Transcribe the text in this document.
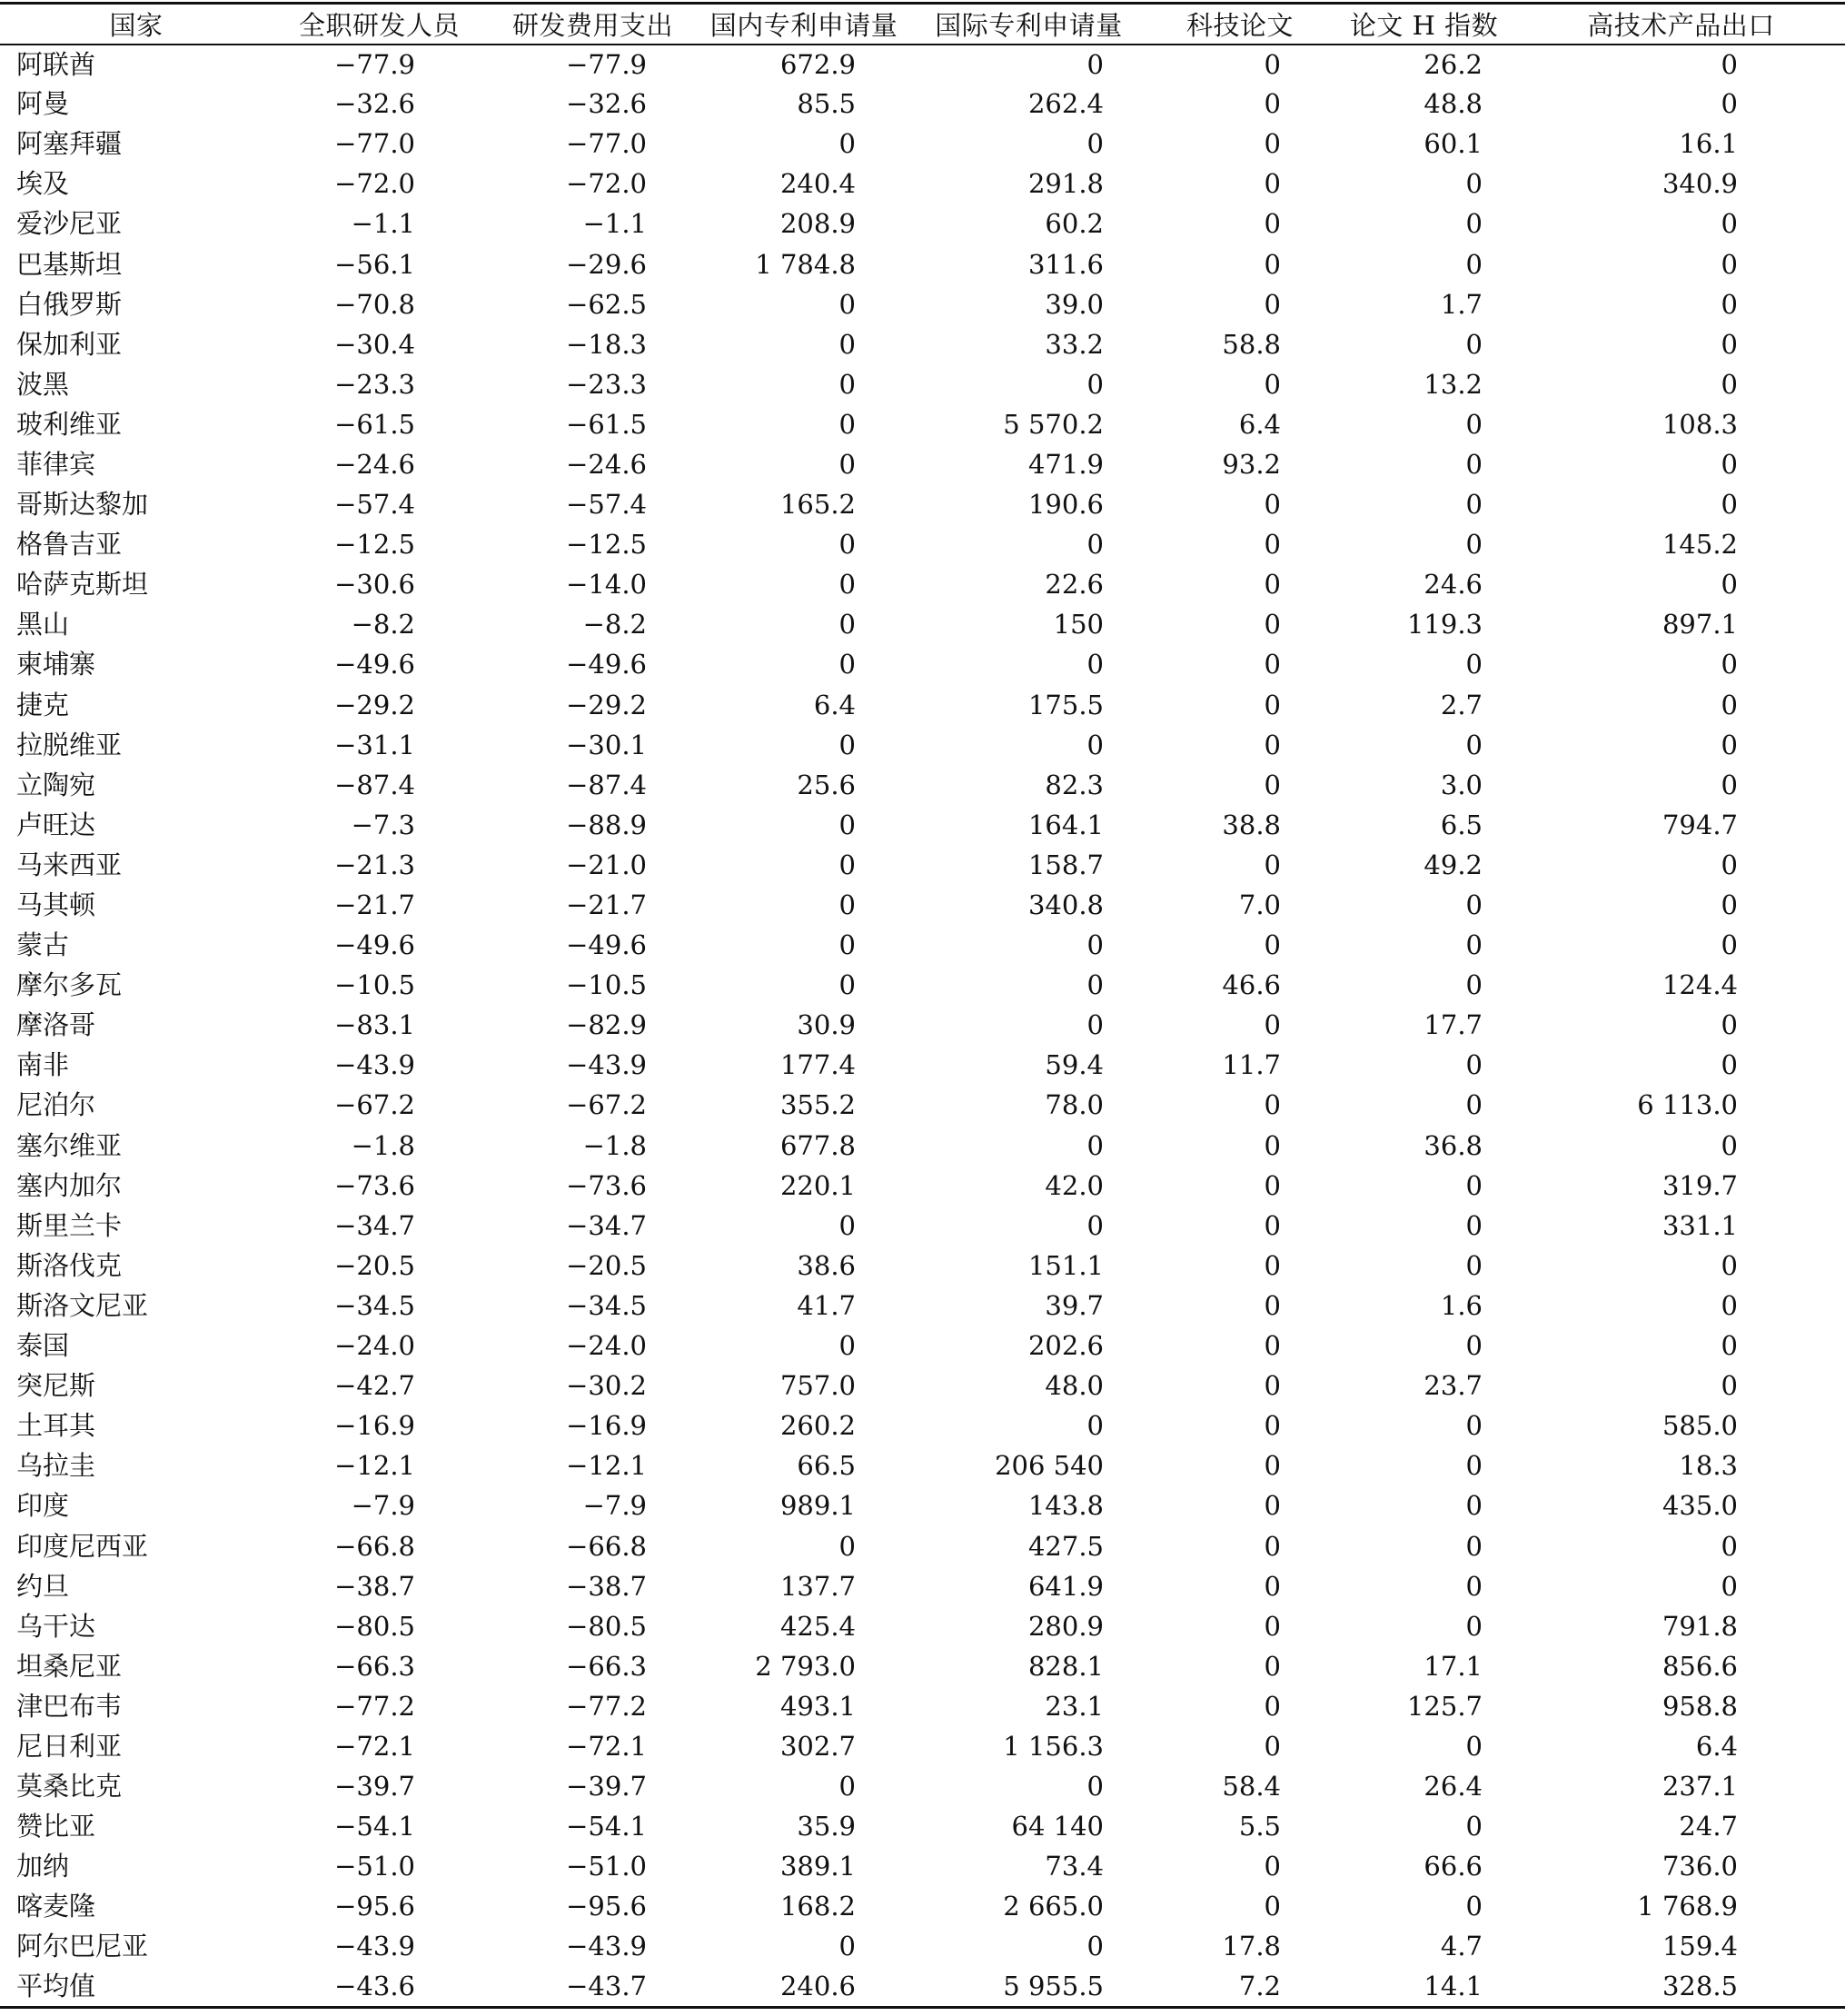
国家	全职研发人员	研发费用支出	国内专利申请量	国际专利申请量	科技论文	论文 H 指数	高技术产品出口
阿联酋	−77.9	−77.9	672.9	0	0	26.2	0
阿曼	−32.6	−32.6	85.5	262.4	0	48.8	0
阿塞拜疆	−77.0	−77.0	0	0	0	60.1	16.1
埃及	−72.0	−72.0	240.4	291.8	0	0	340.9
爱沙尼亚	−1.1	−1.1	208.9	60.2	0	0	0
巴基斯坦	−56.1	−29.6	1 784.8	311.6	0	0	0
白俄罗斯	−70.8	−62.5	0	39.0	0	1.7	0
保加利亚	−30.4	−18.3	0	33.2	58.8	0	0
波黑	−23.3	−23.3	0	0	0	13.2	0
玻利维亚	−61.5	−61.5	0	5 570.2	6.4	0	108.3
菲律宾	−24.6	−24.6	0	471.9	93.2	0	0
哥斯达黎加	−57.4	−57.4	165.2	190.6	0	0	0
格鲁吉亚	−12.5	−12.5	0	0	0	0	145.2
哈萨克斯坦	−30.6	−14.0	0	22.6	0	24.6	0
黑山	−8.2	−8.2	0	150	0	119.3	897.1
柬埔寨	−49.6	−49.6	0	0	0	0	0
捷克	−29.2	−29.2	6.4	175.5	0	2.7	0
拉脱维亚	−31.1	−30.1	0	0	0	0	0
立陶宛	−87.4	−87.4	25.6	82.3	0	3.0	0
卢旺达	−7.3	−88.9	0	164.1	38.8	6.5	794.7
马来西亚	−21.3	−21.0	0	158.7	0	49.2	0
马其顿	−21.7	−21.7	0	340.8	7.0	0	0
蒙古	−49.6	−49.6	0	0	0	0	0
摩尔多瓦	−10.5	−10.5	0	0	46.6	0	124.4
摩洛哥	−83.1	−82.9	30.9	0	0	17.7	0
南非	−43.9	−43.9	177.4	59.4	11.7	0	0
尼泊尔	−67.2	−67.2	355.2	78.0	0	0	6 113.0
塞尔维亚	−1.8	−1.8	677.8	0	0	36.8	0
塞内加尔	−73.6	−73.6	220.1	42.0	0	0	319.7
斯里兰卡	−34.7	−34.7	0	0	0	0	331.1
斯洛伐克	−20.5	−20.5	38.6	151.1	0	0	0
斯洛文尼亚	−34.5	−34.5	41.7	39.7	0	1.6	0
泰国	−24.0	−24.0	0	202.6	0	0	0
突尼斯	−42.7	−30.2	757.0	48.0	0	23.7	0
土耳其	−16.9	−16.9	260.2	0	0	0	585.0
乌拉圭	−12.1	−12.1	66.5	206 540	0	0	18.3
印度	−7.9	−7.9	989.1	143.8	0	0	435.0
印度尼西亚	−66.8	−66.8	0	427.5	0	0	0
约旦	−38.7	−38.7	137.7	641.9	0	0	0
乌干达	−80.5	−80.5	425.4	280.9	0	0	791.8
坦桑尼亚	−66.3	−66.3	2 793.0	828.1	0	17.1	856.6
津巴布韦	−77.2	−77.2	493.1	23.1	0	125.7	958.8
尼日利亚	−72.1	−72.1	302.7	1 156.3	0	0	6.4
莫桑比克	−39.7	−39.7	0	0	58.4	26.4	237.1
赞比亚	−54.1	−54.1	35.9	64 140	5.5	0	24.7
加纳	−51.0	−51.0	389.1	73.4	0	66.6	736.0
喀麦隆	−95.6	−95.6	168.2	2 665.0	0	0	1 768.9
阿尔巴尼亚	−43.9	−43.9	0	0	17.8	4.7	159.4
平均值	−43.6	−43.7	240.6	5 955.5	7.2	14.1	328.5
